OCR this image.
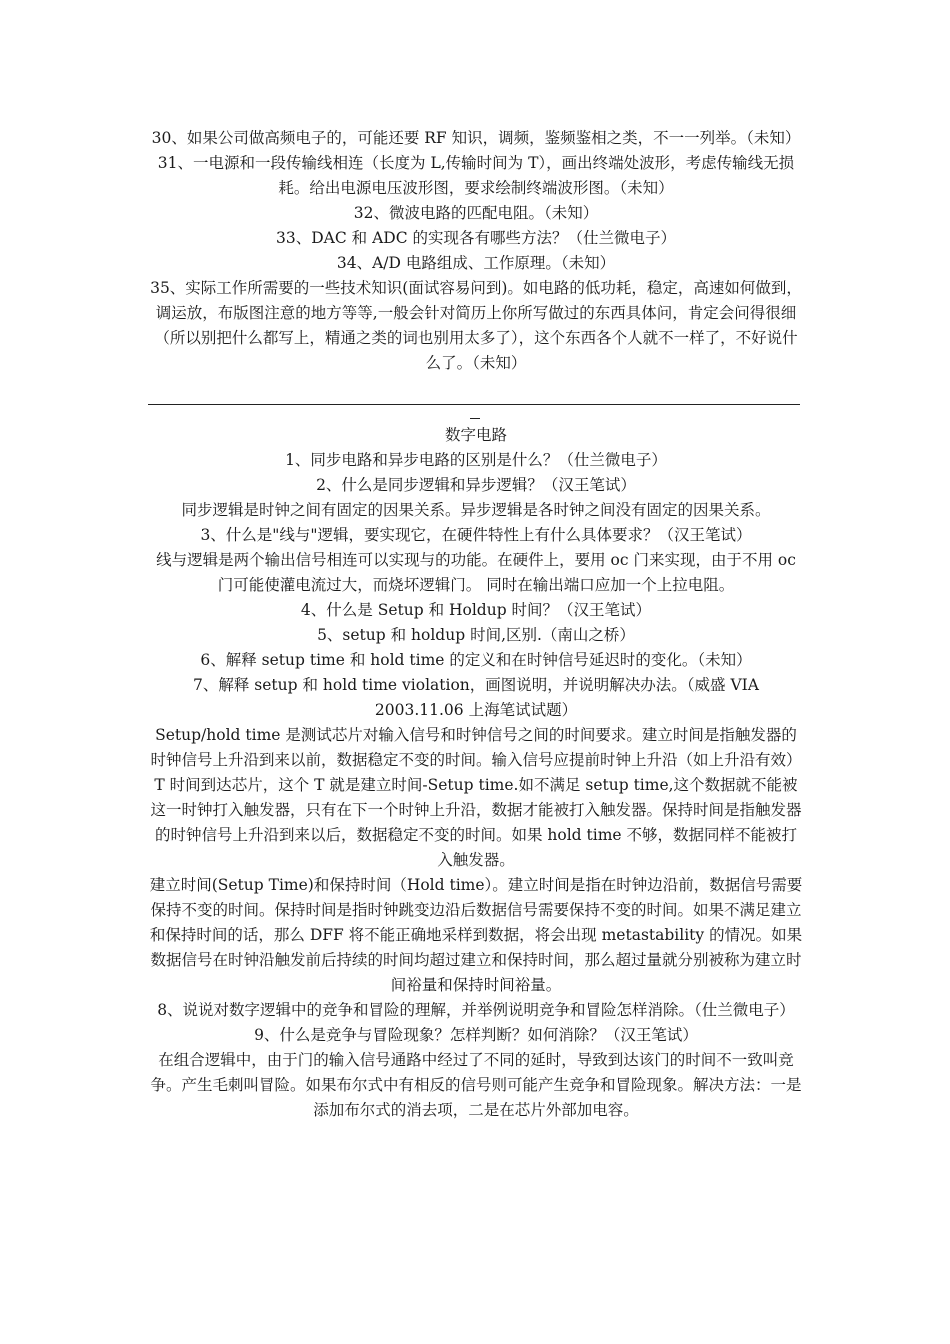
30、如果公司做高频电子的，可能还要 RF 知识，调频，鉴频鉴相之类，不一一列举。（未知）

31、一电源和一段传输线相连（长度为 L,传输时间为 T），画出终端处波形，考虑传输线无损耗。给出电源电压波形图，要求绘制终端波形图。（未知）

32、微波电路的匹配电阻。（未知）

33、DAC 和 ADC 的实现各有哪些方法？（仕兰微电子）

34、A/D 电路组成、工作原理。（未知）

35、实际工作所需要的一些技术知识(面试容易问到)。如电路的低功耗，稳定，高速如何做到，调运放，布版图注意的地方等等,一般会针对简历上你所写做过的东西具体问，肯定会问得很细（所以别把什么都写上，精通之类的词也别用太多了），这个东西各个人就不一样了，不好说什么了。（未知）

数字电路

1、同步电路和异步电路的区别是什么？（仕兰微电子）

2、什么是同步逻辑和异步逻辑？（汉王笔试）

同步逻辑是时钟之间有固定的因果关系。异步逻辑是各时钟之间没有固定的因果关系。

3、什么是"线与"逻辑，要实现它，在硬件特性上有什么具体要求？（汉王笔试）

线与逻辑是两个输出信号相连可以实现与的功能。在硬件上，要用 oc 门来实现，由于不用 oc 门可能使灌电流过大，而烧坏逻辑门。 同时在输出端口应加一个上拉电阻。

4、什么是 Setup 和 Holdup 时间？（汉王笔试）

5、setup 和 holdup 时间,区别.（南山之桥）

6、解释 setup time 和 hold time 的定义和在时钟信号延迟时的变化。（未知）

7、解释 setup 和 hold time violation，画图说明，并说明解决办法。（威盛 VIA 2003.11.06 上海笔试试题）

Setup/hold time 是测试芯片对输入信号和时钟信号之间的时间要求。建立时间是指触发器的时钟信号上升沿到来以前，数据稳定不变的时间。输入信号应提前时钟上升沿（如上升沿有效）T 时间到达芯片，这个 T 就是建立时间-Setup time.如不满足 setup time,这个数据就不能被这一时钟打入触发器，只有在下一个时钟上升沿，数据才能被打入触发器。保持时间是指触发器的时钟信号上升沿到来以后，数据稳定不变的时间。如果 hold time 不够，数据同样不能被打入触发器。

建立时间(Setup Time)和保持时间（Hold time）。建立时间是指在时钟边沿前，数据信号需要保持不变的时间。保持时间是指时钟跳变边沿后数据信号需要保持不变的时间。如果不满足建立和保持时间的话，那么 DFF 将不能正确地采样到数据，将会出现 metastability 的情况。如果数据信号在时钟沿触发前后持续的时间均超过建立和保持时间，那么超过量就分别被称为建立时间裕量和保持时间裕量。

8、说说对数字逻辑中的竞争和冒险的理解，并举例说明竞争和冒险怎样消除。（仕兰微电子）

9、什么是竞争与冒险现象？怎样判断？如何消除？（汉王笔试）

在组合逻辑中，由于门的输入信号通路中经过了不同的延时，导致到达该门的时间不一致叫竞争。产生毛刺叫冒险。如果布尔式中有相反的信号则可能产生竞争和冒险现象。解决方法：一是添加布尔式的消去项，二是在芯片外部加电容。
